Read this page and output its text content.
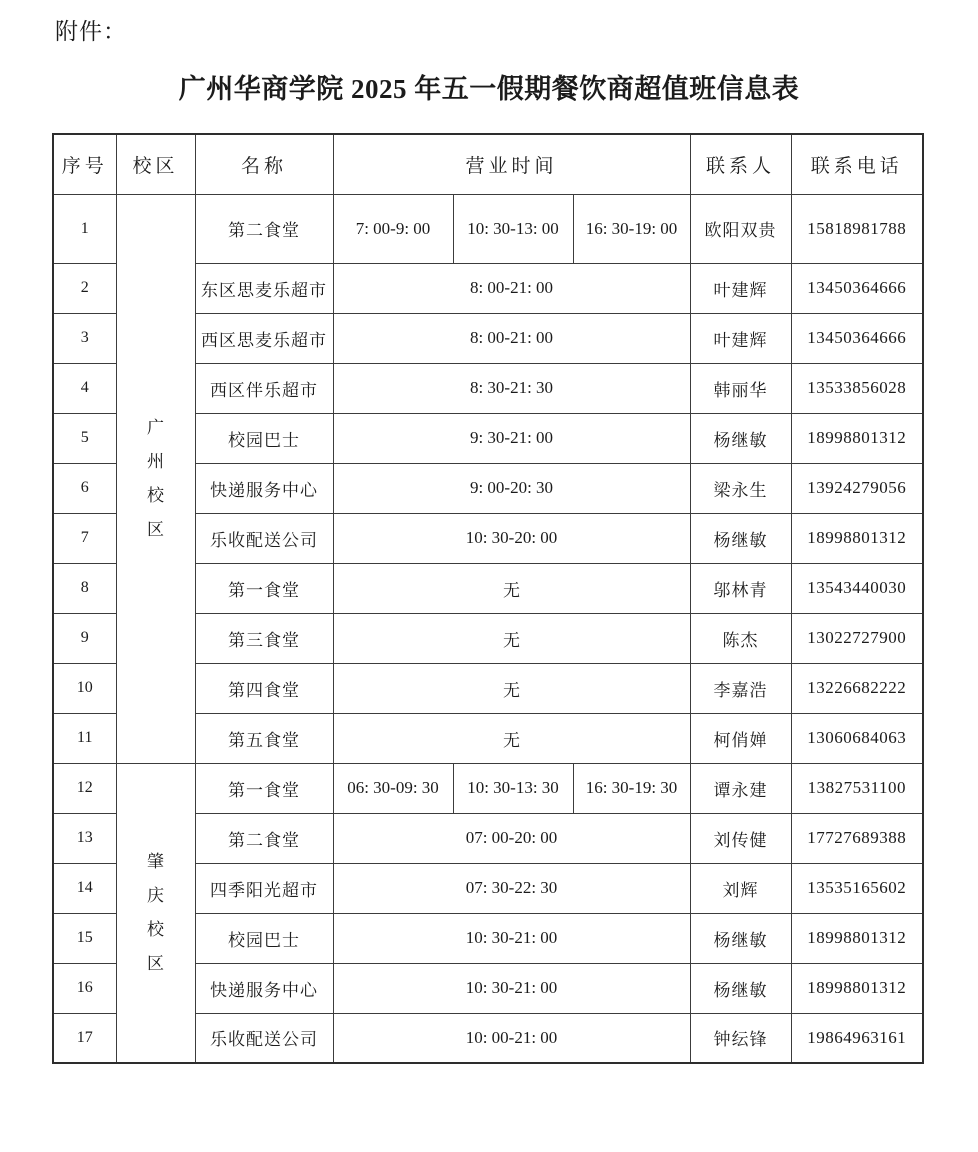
附件：
广州华商学院 2025 年五一假期餐饮商超值班信息表
序号	校区	名称	营业时间			联系人	联系电话
1	广州校区	第二食堂	7: 00-9: 00	10: 30-13: 00	16: 30-19: 00	欧阳双贵	15818981788
2		东区思麦乐超市	8: 00-21: 00			叶建辉	13450364666
3		西区思麦乐超市	8: 00-21: 00			叶建辉	13450364666
4		西区伴乐超市	8: 30-21: 30			韩丽华	13533856028
5		校园巴士	9: 30-21: 00			杨继敏	18998801312
6		快递服务中心	9: 00-20: 30			梁永生	13924279056
7		乐收配送公司	10: 30-20: 00			杨继敏	18998801312
8		第一食堂	无			邬林青	13543440030
9		第三食堂	无			陈杰	13022727900
10		第四食堂	无			李嘉浩	13226682222
11		第五食堂	无			柯俏婵	13060684063
12	肇庆校区	第一食堂	06: 30-09: 30	10: 30-13: 30	16: 30-19: 30	谭永建	13827531100
13		第二食堂	07: 00-20: 00			刘传健	17727689388
14		四季阳光超市	07: 30-22: 30			刘辉	13535165602
15		校园巴士	10: 30-21: 00			杨继敏	18998801312
16		快递服务中心	10: 30-21: 00			杨继敏	18998801312
17		乐收配送公司	10: 00-21: 00			钟纭锋	19864963161
